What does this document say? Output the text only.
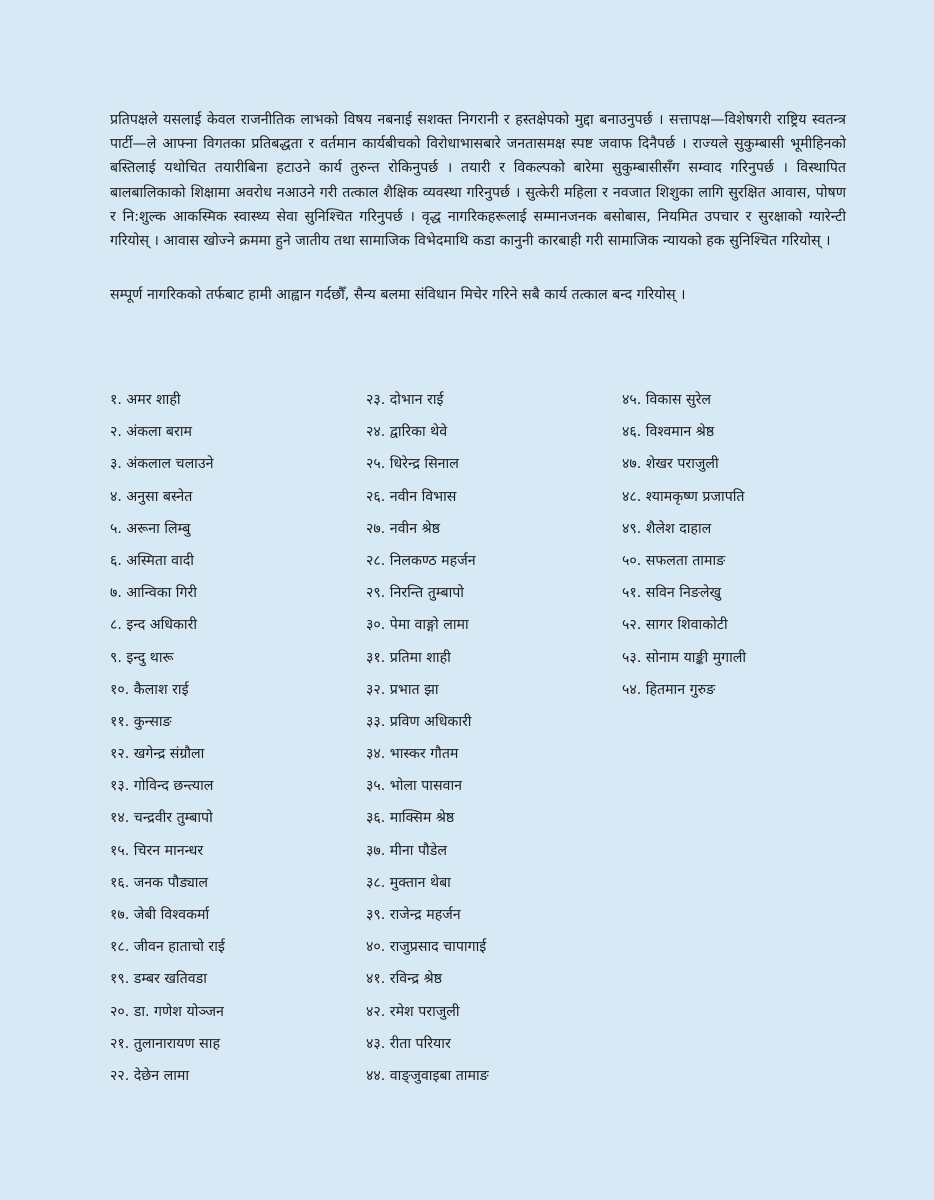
प्रतिपक्षले यसलाई केवल राजनीतिक लाभको विषय नबनाई सशक्त निगरानी र हस्तक्षेपको मुद्दा बनाउनुपर्छ । सत्तापक्ष—विशेषगरी राष्ट्रिय स्वतन्त्र पार्टी—ले आफ्ना विगतका प्रतिबद्धता र वर्तमान कार्यबीचको विरोधाभासबारे जनतासमक्ष स्पष्ट जवाफ दिनैपर्छ । राज्यले सुकुम्बासी भूमीहिनको बस्तिलाई यथोचित तयारीबिना हटाउने कार्य तुरुन्त रोकिनुपर्छ । तयारी र विकल्पको बारेमा सुकुम्बासीसँग सम्वाद गरिनुपर्छ । विस्थापित बालबालिकाको शिक्षामा अवरोध नआउने गरी तत्काल शैक्षिक व्यवस्था गरिनुपर्छ । सुत्केरी महिला र नवजात शिशुका लागि सुरक्षित आवास, पोषण र नि:शुल्क आकस्मिक स्वास्थ्य सेवा सुनिश्चित गरिनुपर्छ । वृद्ध नागरिकहरूलाई सम्मानजनक बसोबास, नियमित उपचार र सुरक्षाको ग्यारेन्टी गरियोस् । आवास खोज्ने क्रममा हुने जातीय तथा सामाजिक विभेदमाथि कडा कानुनी कारबाही गरी सामाजिक न्यायको हक सुनिश्चित गरियोस् ।

सम्पूर्ण नागरिकको तर्फबाट हामी आह्वान गर्दछौँ, सैन्य बलमा संविधान मिचेर गरिने सबै कार्य तत्काल बन्द गरियोस् ।

१. अमर शाही
२. अंकला बराम
३. अंकलाल चलाउने
४. अनुसा बस्नेत
५. अरूना लिम्बु
६. अस्मिता वादी
७. आन्विका गिरी
८. इन्द अधिकारी
९. इन्दु थारू
१०. कैलाश राई
११. कुन्साङ
१२. खगेन्द्र संग्रौला
१३. गोविन्द छन्त्याल
१४. चन्द्रवीर तुम्बापो
१५. चिरन मानन्धर
१६. जनक पौड्याल
१७. जेबी विश्वकर्मा
१८. जीवन हाताचो राई
१९. डम्बर खतिवडा
२०. डा. गणेश योञ्जन
२१. तुलानारायण साह
२२. देछेन लामा
२३. दोभान राई
२४. द्वारिका थेवे
२५. धिरेन्द्र सिनाल
२६. नवीन विभास
२७. नवीन श्रेष्ठ
२८. निलकण्ठ महर्जन
२९. निरन्ति तुम्बापो
३०. पेमा वाङ्गो लामा
३१. प्रतिमा शाही
३२. प्रभात झा
३३. प्रविण अधिकारी
३४. भास्कर गौतम
३५. भोला पासवान
३६. माक्सिम श्रेष्ठ
३७. मीना पौडेल
३८. मुक्तान थेबा
३९. राजेन्द्र महर्जन
४०. राजुप्रसाद चापागाई
४१. रविन्द्र श्रेष्ठ
४२. रमेश पराजुली
४३. रीता परियार
४४. वाङ्जुवाइबा तामाङ
४५. विकास सुरेल
४६. विश्वमान श्रेष्ठ
४७. शेखर पराजुली
४८. श्यामकृष्ण प्रजापति
४९. शैलेश दाहाल
५०. सफलता तामाङ
५१. सविन निङलेखु
५२. सागर शिवाकोटी
५३. सोनाम याङ्की मुगाली
५४. हितमान गुरुङ
